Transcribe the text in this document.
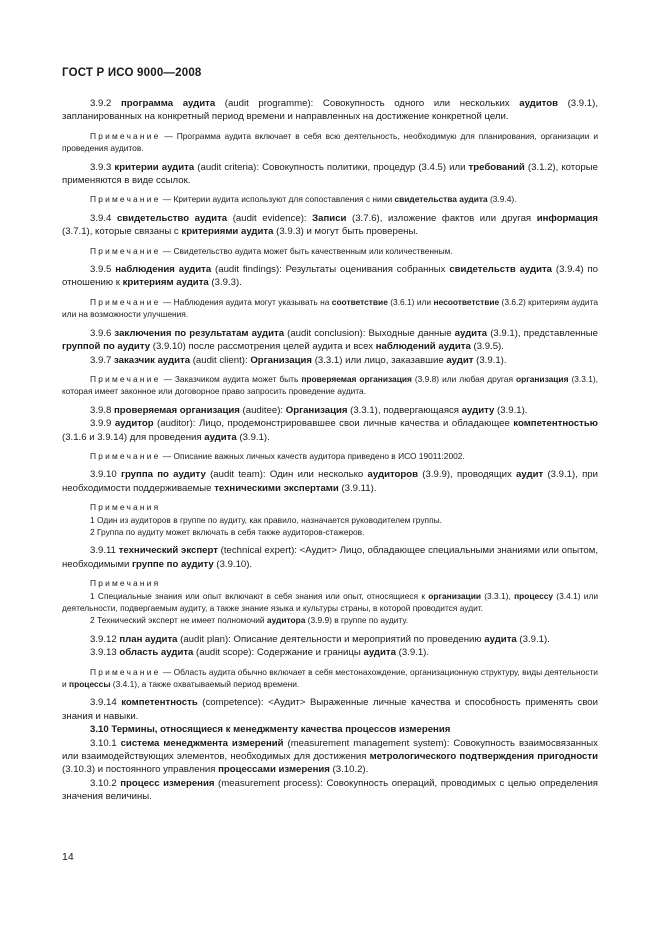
ГОСТ Р ИСО 9000—2008

3.9.2 программа аудита (audit programme): Совокупность одного или нескольких аудитов (3.9.1), запланированных на конкретный период времени и направленных на достижение конкретной цели.

Примечание — Программа аудита включает в себя всю деятельность, необходимую для планирования, организации и проведения аудитов.

3.9.3 критерии аудита (audit criteria): Совокупность политики, процедур (3.4.5) или требований (3.1.2), которые применяются в виде ссылок.

Примечание — Критерии аудита используют для сопоставления с ними свидетельства аудита (3.9.4).

3.9.4 свидетельство аудита (audit evidence): Записи (3.7.6), изложение фактов или другая информация (3.7.1), которые связаны с критериями аудита (3.9.3) и могут быть проверены.

Примечание — Свидетельство аудита может быть качественным или количественным.

3.9.5 наблюдения аудита (audit findings): Результаты оценивания собранных свидетельств аудита (3.9.4) по отношению к критериям аудита (3.9.3).

Примечание — Наблюдения аудита могут указывать на соответствие (3.6.1) или несоответствие (3.6.2) критериям аудита или на возможности улучшения.

3.9.6 заключения по результатам аудита (audit conclusion): Выходные данные аудита (3.9.1), представленные группой по аудиту (3.9.10) после рассмотрения целей аудита и всех наблюдений аудита (3.9.5).

3.9.7 заказчик аудита (audit client): Организация (3.3.1) или лицо, заказавшие аудит (3.9.1).

Примечание — Заказчиком аудита может быть проверяемая организация (3.9.8) или любая другая организация (3.3.1), которая имеет законное или договорное право запросить проведение аудита.

3.9.8 проверяемая организация (auditee): Организация (3.3.1), подвергающаяся аудиту (3.9.1).

3.9.9 аудитор (auditor): Лицо, продемонстрировавшее свои личные качества и обладающее компетентностью (3.1.6 и 3.9.14) для проведения аудита (3.9.1).

Примечание — Описание важных личных качеств аудитора приведено в ИСО 19011:2002.

3.9.10 группа по аудиту (audit team): Один или несколько аудиторов (3.9.9), проводящих аудит (3.9.1), при необходимости поддерживаемые техническими экспертами (3.9.11).

Примечания

1 Один из аудиторов в группе по аудиту, как правило, назначается руководителем группы.

2 Группа по аудиту может включать в себя также аудиторов-стажеров.

3.9.11 технический эксперт (technical expert): <Аудит> Лицо, обладающее специальными знаниями или опытом, необходимыми группе по аудиту (3.9.10).

Примечания

1 Специальные знания или опыт включают в себя знания или опыт, относящиеся к организации (3.3.1), процессу (3.4.1) или деятельности, подвергаемым аудиту, а также знание языка и культуры страны, в которой проводится аудит.

2 Технический эксперт не имеет полномочий аудитора (3.9.9) в группе по аудиту.

3.9.12 план аудита (audit plan): Описание деятельности и мероприятий по проведению аудита (3.9.1).

3.9.13 область аудита (audit scope): Содержание и границы аудита (3.9.1).

Примечание — Область аудита обычно включает в себя местонахождение, организационную структуру, виды деятельности и процессы (3.4.1), а также охватываемый период времени.

3.9.14 компетентность (competence): <Аудит> Выраженные личные качества и способность применять свои знания и навыки.

3.10 Термины, относящиеся к менеджменту качества процессов измерения

3.10.1 система менеджмента измерений (measurement management system): Совокупность взаимосвязанных или взаимодействующих элементов, необходимых для достижения метрологического подтверждения пригодности (3.10.3) и постоянного управления процессами измерения (3.10.2).

3.10.2 процесс измерения (measurement process): Совокупность операций, проводимых с целью определения значения величины.

14
